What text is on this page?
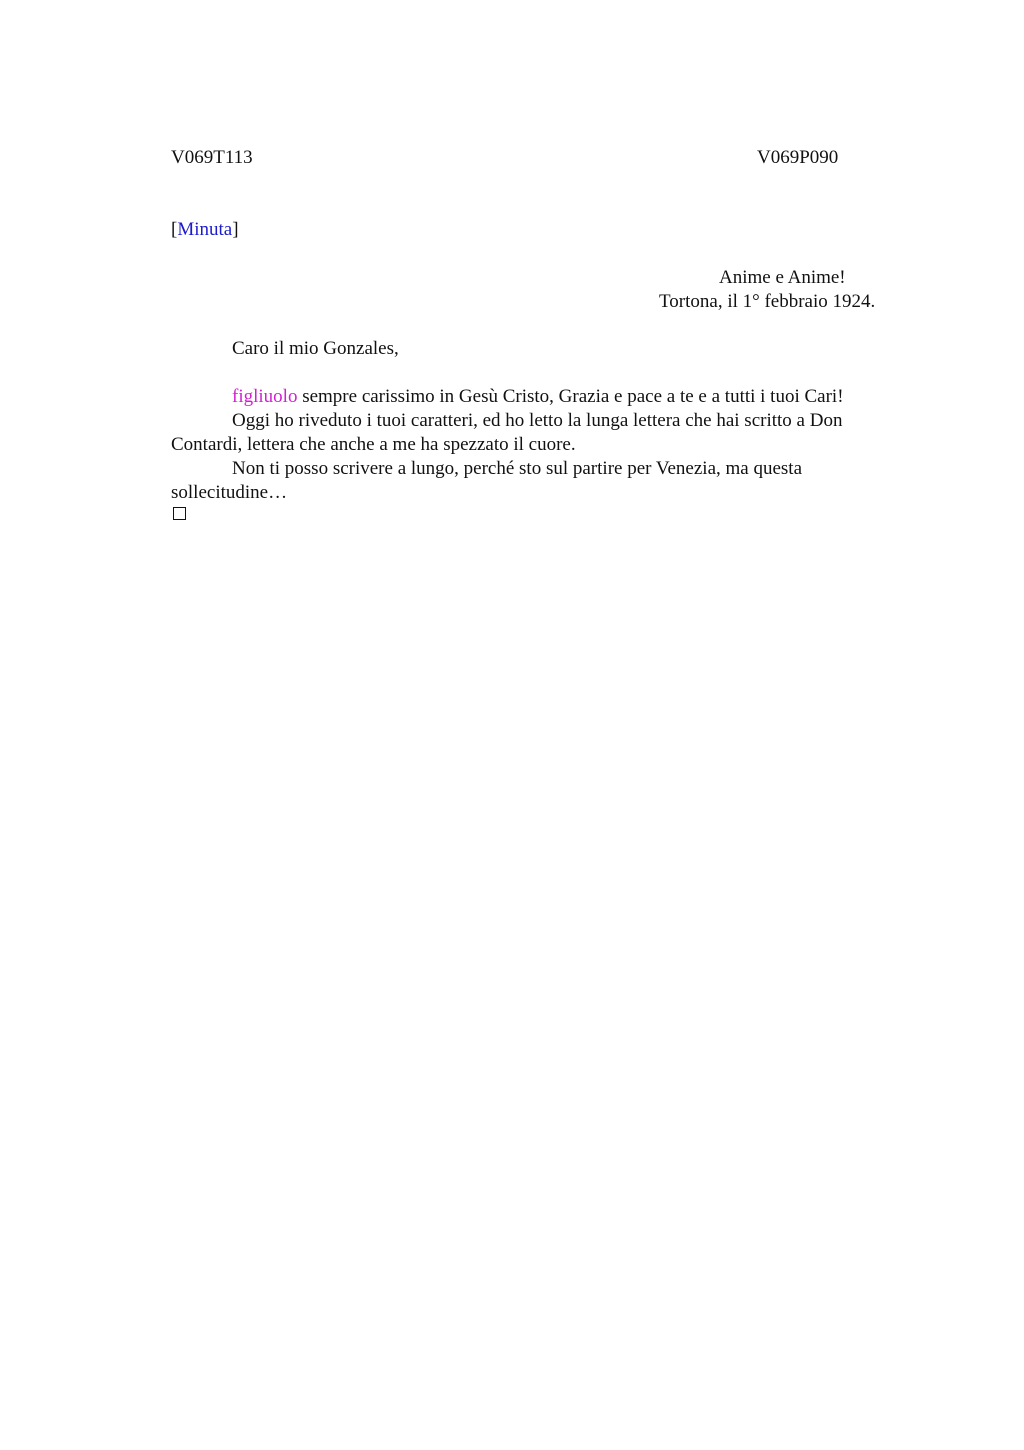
V069T113	V069P090
[Minuta]
Anime e Anime!
Tortona, il 1° febbraio 1924.
Caro il mio Gonzales,
figliuolo sempre carissimo in Gesù Cristo, Grazia e pace a te e a tutti i tuoi Cari!
Oggi ho riveduto i tuoi caratteri, ed ho letto la lunga lettera che hai scritto a Don
Contardi, lettera che anche a me ha spezzato il cuore.
Non ti posso scrivere a lungo, perché sto sul partire per Venezia, ma questa
sollecitudine…
